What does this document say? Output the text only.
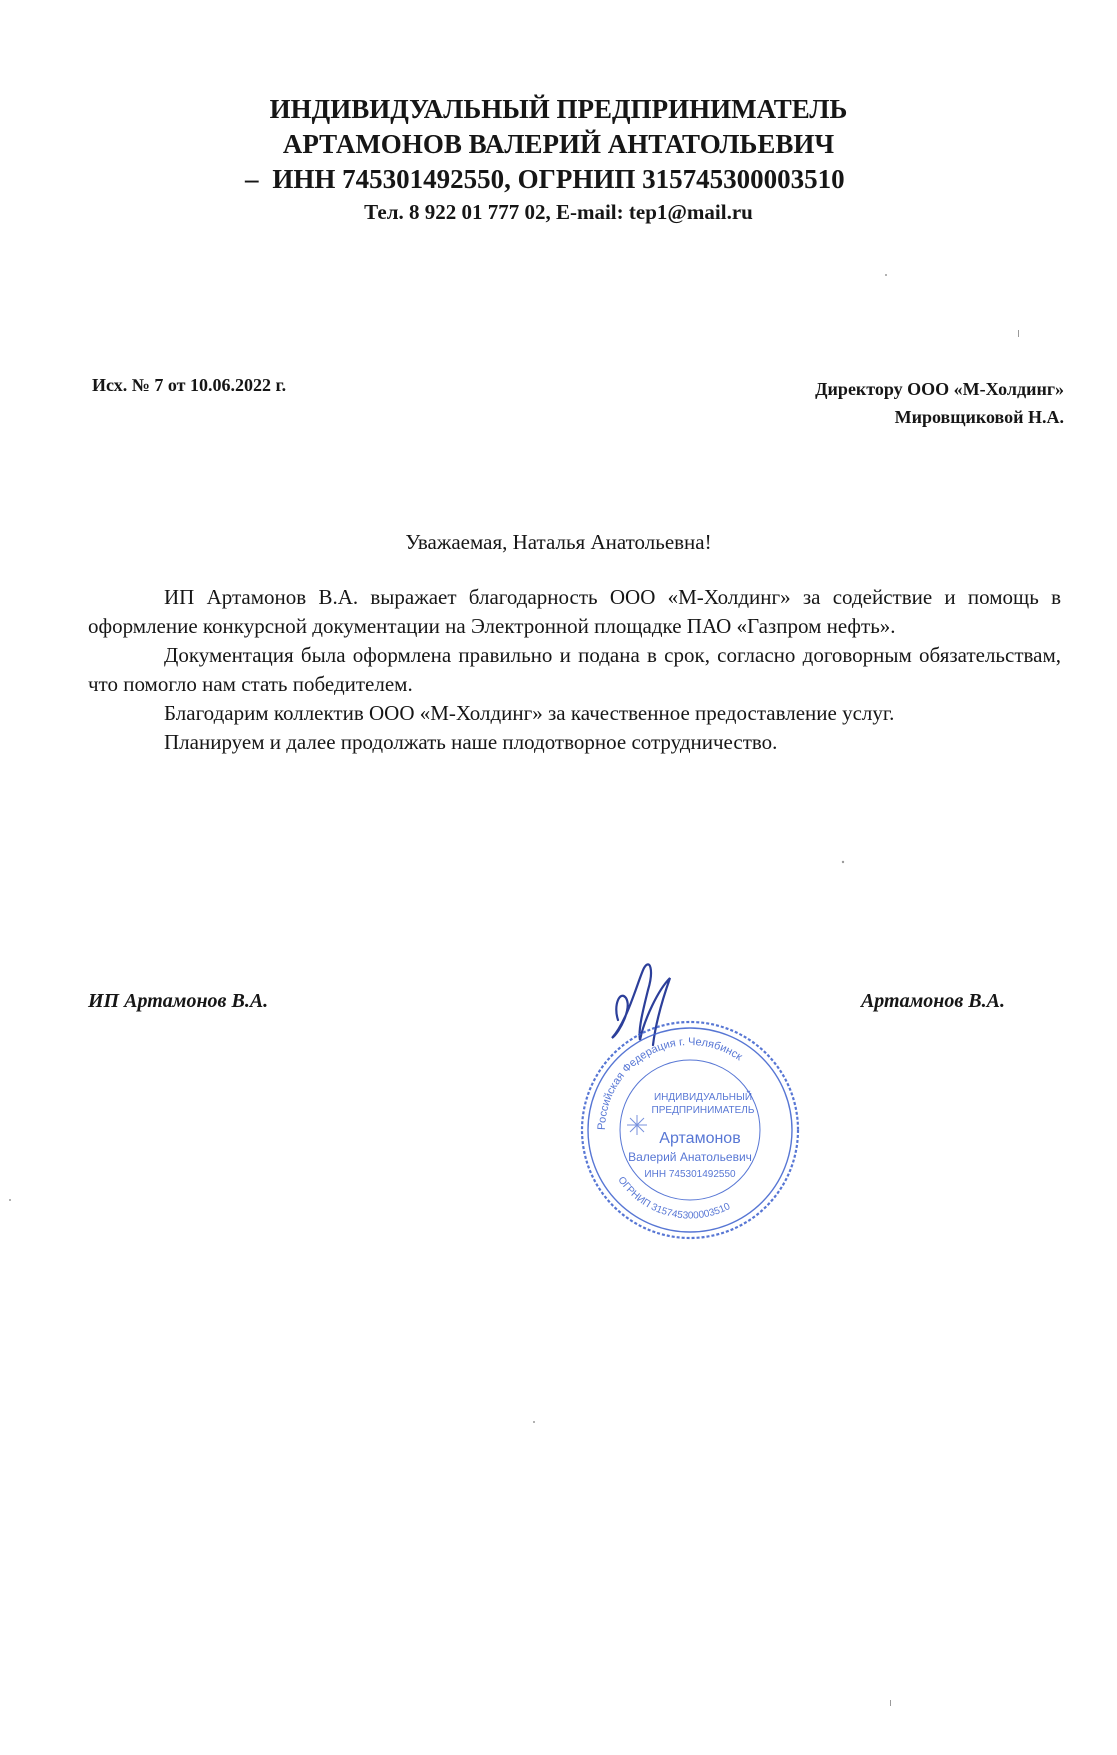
ИНДИВИДУАЛЬНЫЙ ПРЕДПРИНИМАТЕЛЬ
АРТАМОНОВ ВАЛЕРИЙ АНТАТОЛЬЕВИЧ
– ИНН 745301492550, ОГРНИП 315745300003510
Тел. 8 922 01 777 02, E-mail: tep1@mail.ru
Исх. № 7 от 10.06.2022 г.	Директору ООО «М-Холдинг»
Мировщиковой Н.А.
Уважаемая, Наталья Анатольевна!

ИП Артамонов В.А. выражает благодарность ООО «М-Холдинг» за содействие и помощь в оформление конкурсной документации на Электронной площадке ПАО «Газпром нефть».

Документация была оформлена правильно и подана в срок, согласно договорным обязательствам, что помогло нам стать победителем.

Благодарим коллектив ООО «М-Холдинг» за качественное предоставление услуг.

Планируем и далее продолжать наше плодотворное сотрудничество.

ИП Артамонов В.А.	Артамонов В.А.
Российская Федерация г. Челябинск
ИНДИВИДУАЛЬНЫЙ
ПРЕДПРИНИМАТЕЛЬ
Артамонов
Валерий Анатольевич
ИНН 745301492550
ОГРНИП 315745300003510
